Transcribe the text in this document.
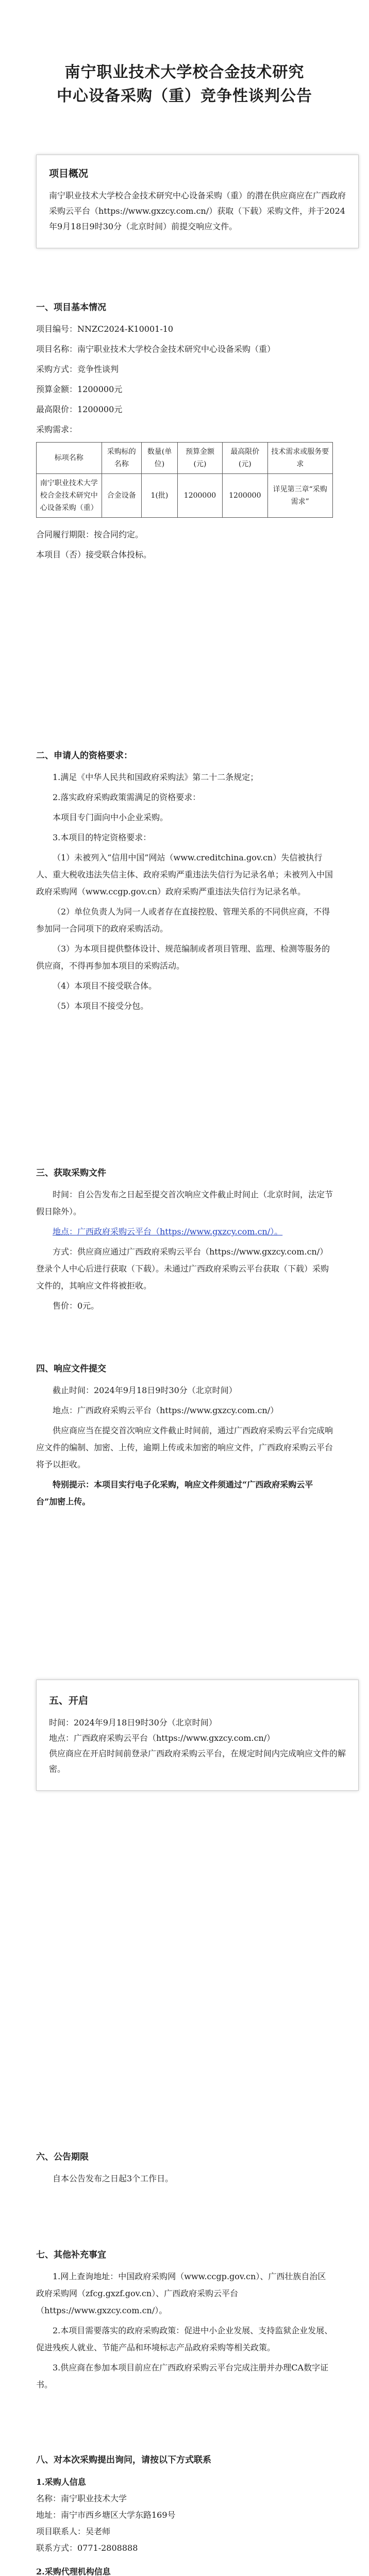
南宁职业技术大学校合金技术研究

中心设备采购（重）竞争性谈判公告

项目概况

南宁职业技术大学校合金技术研究中心设备采购（重）的潜在供应商应在广西政府采购云平台（https://www.gxzcy.com.cn/）获取（下载）采购文件，并于2024年9月18日9时30分（北京时间）前提交响应文件。

一、项目基本情况

项目编号：NNZC2024-K10001-10

项目名称：南宁职业技术大学校合金技术研究中心设备采购（重）

采购方式：竞争性谈判

预算金额：1200000元

最高限价：1200000元

采购需求：

标项名称	采购标的名称	数量(单位)	预算金额(元)	最高限价(元)	技术需求或服务要求
南宁职业技术大学校合金技术研究中心设备采购（重）	合金设备	1(批)	1200000	1200000	详见第三章“采购需求”

合同履行期限：按合同约定。

本项目（否）接受联合体投标。

二、申请人的资格要求：

1.满足《中华人民共和国政府采购法》第二十二条规定；

2.落实政府采购政策需满足的资格要求：

本项目专门面向中小企业采购。

3.本项目的特定资格要求：

（1）未被列入“信用中国”网站（www.creditchina.gov.cn）失信被执行人、重大税收违法失信主体、政府采购严重违法失信行为记录名单；未被列入中国政府采购网（www.ccgp.gov.cn）政府采购严重违法失信行为记录名单。

（2）单位负责人为同一人或者存在直接控股、管理关系的不同供应商，不得参加同一合同项下的政府采购活动。

（3）为本项目提供整体设计、规范编制或者项目管理、监理、检测等服务的供应商，不得再参加本项目的采购活动。

（4）本项目不接受联合体。

（5）本项目不接受分包。

三、获取采购文件

时间：自公告发布之日起至提交首次响应文件截止时间止（北京时间，法定节假日除外）。

地点：广西政府采购云平台（https://www.gxzcy.com.cn/）。

方式：供应商应通过广西政府采购云平台（https://www.gxzcy.com.cn/）登录个人中心后进行获取（下载）。未通过广西政府采购云平台获取（下载）采购文件的，其响应文件将被拒收。

售价：0元。

四、响应文件提交

截止时间：2024年9月18日9时30分（北京时间）

地点：广西政府采购云平台（https://www.gxzcy.com.cn/）

供应商应当在提交首次响应文件截止时间前，通过广西政府采购云平台完成响应文件的编制、加密、上传，逾期上传或未加密的响应文件，广西政府采购云平台将予以拒收。

特别提示：本项目实行电子化采购，响应文件须通过“广西政府采购云平台”加密上传。

五、开启

时间：2024年9月18日9时30分（北京时间）

地点：广西政府采购云平台（https://www.gxzcy.com.cn/）

供应商应在开启时间前登录广西政府采购云平台，在规定时间内完成响应文件的解密。

六、公告期限

自本公告发布之日起3个工作日。

七、其他补充事宜

1.网上查询地址：中国政府采购网（www.ccgp.gov.cn）、广西壮族自治区政府采购网（zfcg.gxzf.gov.cn）、广西政府采购云平台（https://www.gxzcy.com.cn/）。

2.本项目需要落实的政府采购政策：促进中小企业发展、支持监狱企业发展、促进残疾人就业、节能产品和环境标志产品政府采购等相关政策。

3.供应商在参加本项目前应在广西政府采购云平台完成注册并办理CA数字证书。

八、对本次采购提出询问，请按以下方式联系

1.采购人信息

名称：南宁职业技术大学

地址：南宁市西乡塘区大学东路169号

项目联系人：吴老师

联系方式：0771-2808888

2.采购代理机构信息
